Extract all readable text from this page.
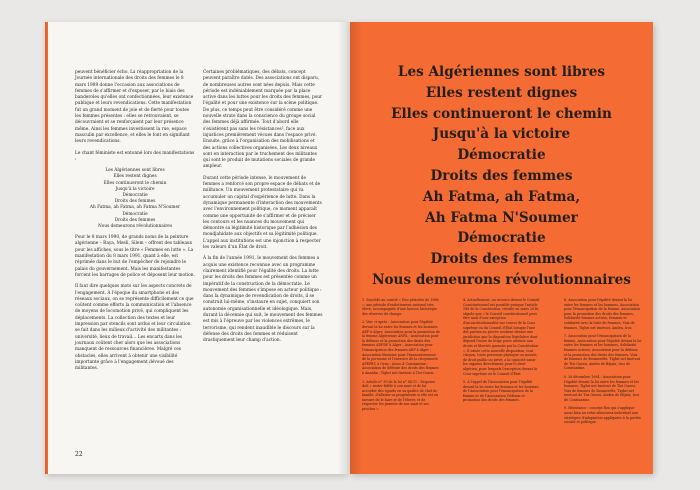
peuvent bénéficier écho. La réappropriation de la Journée internationale des droits des femmes le 8 mars 1989 donne l'occasion aux associations de femmes de s'affirmer et d'exposer, par le biais des banderoles qu'elles ont confectionnées, leur existence publique et leurs revendications. Cette manifestation fut un grand moment de joie et de fierté pour toutes les femmes présentes : elles se retrouvaient, se découvraient et se renforçaient par leur présence même. Ainsi les femmes investissent la rue, espace masculin par excellence, et elles le font en signifiant leurs revendications.

Le chant féministe est entonné lors des manifestations :

Les Algériennes sont libres
Elles restent dignes
Elles continueront le chemin
Jusqu'à la victoire
Démocratie
Droits des femmes
Ah Fatma, ah Fatma, ah Fatma N'Soumer
Démocratie
Droits des femmes
Nous demeurons révolutionnaires

Pour le 8 mars 1990, de grands noms de la peinture algérienne – Baya, Mesli, Silem – offrent des tableaux pour les affiches, sous le titre « Femmes en lutte ». La manifestation du 8 mars 1991, quant à elle, est réprimée dans le but de l'empêcher de rejoindre le palais du gouvernement. Mais les manifestantes forcent les barrages de police et déposent leur motion.

Il faut dire quelques mots sur les aspects concrets de l'engagement. À l'époque du smartphone et des réseaux sociaux, on se représente difficilement ce que coûtent comme efforts la communication et l'absence de moyens de locomotion privé, qui compliquent les déplacements. La collection des textes et leur impression par stencils sont ardus et leur circulation se fait dans les milieux d'activité des militantes : université, lieux de travail… Les encarts dans les journaux coûtent cher alors que les associations manquent de ressources financières. Malgré ces obstacles, elles arrivent à obtenir une visibilité importante grâce à l'engagement dévoué des militantes.

Certaines problématiques, des débats, concept peuvent paraître datés. Des associations ont disparu, de nombreuses autres sont nées depuis. Mais cette période est indéniablement marquée par la place active dans les luttes pour les droits des femmes, pour l'égalité et pour une existence sur la scène politique. De plus, ce temps peut être considéré comme une nouvelle strate dans la conscience du groupe social des femmes déjà affirmée. Tout d'abord elle s'existèrent pas sans les résistances², face aux injustices premièrement vécues dans l'espace privé. Ensuite, grâce à l'organisation des mobilisations et des actions collectives organisées. Les deux niveaux sont en interaction par le truchement des militantes qui sont le produit de mutations sociales de grande ampleur.

Durant cette période intense, le mouvement de femmes a renforcé son propre espace de débats et de militance. Un mouvement protestataire qui va accumuler un capital d'expérience de lutte. Dans la dynamique permanente d'interaction des mouvements avec l'environnement politique, ce moment apparaît comme une opportunité de s'affirmer et de préciser les contours et les nuances du mouvement qui démontre sa légitimité historique par l'adhésion des moudjahidate aux objectifs et sa légitimité politique. L'appel aux institutions est une injonction à respecter les valeurs d'un État de droit.

À la fin de l'année 1991, le mouvement des femmes a acquis une existence reconnue avec un programme clairement identifié pour l'égalité des droits. La lutte pour les droits des femmes est présentée comme un impératif de la construction de la démocratie. Le mouvement des femmes s'impose en acteur politique : dans la dynamique de revendication de droits, il se construit lui-même, s'instaure en sujet, conquiert son autonomie organisationnelle et idéologique. Mais, durant la décennie qui suit, le mouvement des femmes est mis à l'épreuve par les violences extrêmes, le terrorisme, qui rendent inaudible le discours sur la défense des droits des femmes et réduisent drastiquement leur champ d'action.

22
Les Algériennes sont libres
Elles restent dignes
Elles continueront le chemin
Jusqu'à la victoire
Démocratie
Droits des femmes
Ah Fatma, ah Fatma,
Ah Fatma N'Soumer
Démocratie
Droits des femmes
Nous demeurons révolutionnaires

1. Succède au comité « Duo périodes de 1986 », une période d'endettement national très élevé, accompagnée d'une hausse historique des réserves de change.

2. Voir ci-après : Association pour l'égalité devant la loi entre les femmes et les hommes AEF à Alger; Association pour la promotion de la femme Algérienne ANFA ; Association pour la défense et la promotion des droits des femmes ADPDF à Alger ; Association pour l'émancipation des femmes AEF à Alger ; Association féminine pour l'épanouissement de la personne et l'exercice de la citoyenneté AFEPEC à Oran ; Assoc.4 Constantine ; Association de défense des droits des femmes à Annaba ; Tighri net tmetout à Tizi-Ouzou.

3. Article n° 39 de la loi n° 84-11 : Disposer doit « rester fidèle à son mari et de lui accorder des égards en sa qualité de chef de famille, d'allaiter sa progéniture si elle est en mesure de le faire et de l'élever, et de respecter les parents de son mari et ses proches ».

4. Actuellement, un recours devant le Conseil Constitutionnel est possible puisque l'article 188 de la Constitution, révisée en mars 2016, stipule que « le Conseil constitutionnel peut être saisi d'une exception d'inconstitutionnalité sur renvoi de la Cour suprême ou du Conseil d'État lorsque l'une des parties au procès soutient devant une juridiction que la disposition législative dont dépend l'issue du litige porte atteinte aux droits et libertés garantis par la Constitution ». Il existe cette nouvelle disposition, tout citoyen, toute personne physique ou morale, de droit public ou privé, a la capacité saisir les organes directement pour le droit algérien, pour lesquels l'exception devant la Cour suprême ou le Conseil d'État.

5. À l'appel de l'Association pour l'égalité devant la loi entre les femmes et les hommes, de l'Association pour l'émancipation de la femme et de l'Association Défense et promotion des droits des femmes.

6. Association pour l'égalité devant la loi entre les femmes et les hommes, Association pour l'émancipation de la femme, Association pour la promotion des droits des femmes, Solidarité femmes actives, femmes et solidarité avec la lutte de femmes, Voix de femmes, Tighri net tmetout, Amfen, Iroz.

7. Association pour l'émancipation de la femme, Association pour l'égalité devant la loi entre les femmes et les hommes, Solidarité femmes actives, Association pour la défense et la promotion des droits des femmes, Voix de femmes de Boumerdès, Tighri net tmetout de Tizi Ouzou, Amfen de Béjaïa, Iroz de Constantine.

8. 28 décembre 1994 : Association pour l'égalité devant la loi entre les femmes et les hommes, Tighri net tmetout de Tizi Ouzou, Voix de femmes de Boumerdès, Tighri net tmetout de Tizi Ouzou, Amfen de Béjaïa, Iroz de Constantine.

9. Résistance : concept flou qui s'applique aussi bien au refus silencieux individuel aux stratégies d'adaptation appliquées à la portée sociale et politique.
